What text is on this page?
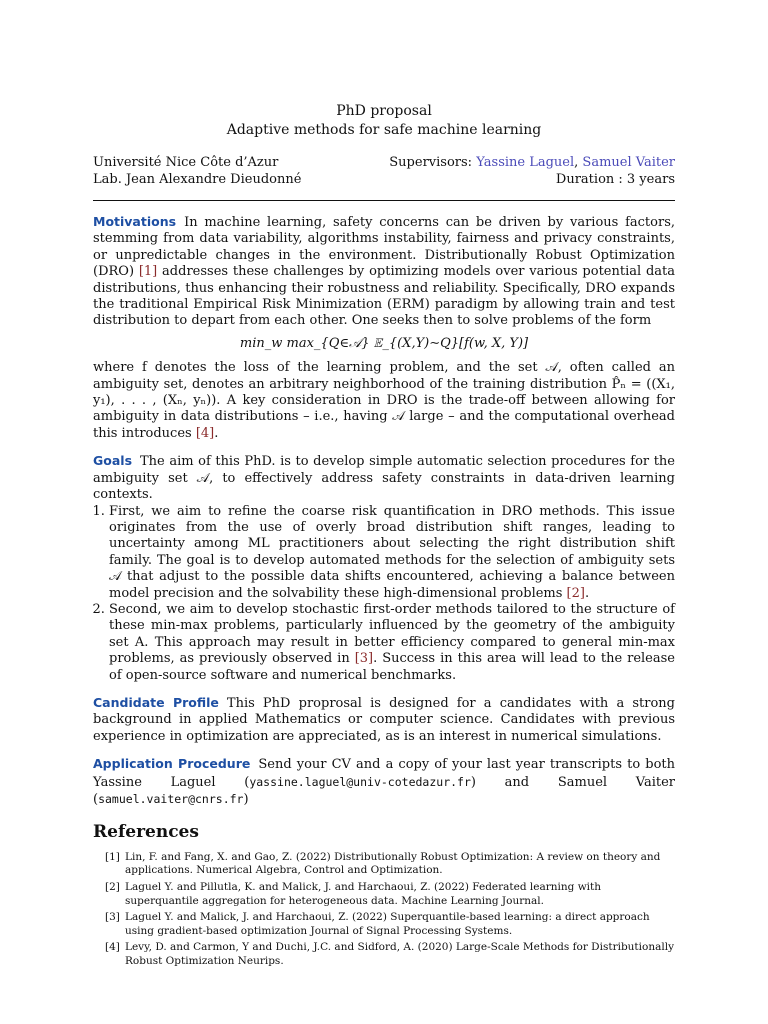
PhD proposal
Adaptive methods for safe machine learning
Université Nice Côte d’Azur	Supervisors: Yassine Laguel, Samuel Vaiter
Lab. Jean Alexandre Dieudonné	Duration : 3 years
Motivations In machine learning, safety concerns can be driven by various factors, stemming from data variability, algorithms instability, fairness and privacy constraints, or unpredictable changes in the environment. Distributionally Robust Optimization (DRO) [1] addresses these challenges by optimizing models over various potential data distributions, thus enhancing their robustness and reliability. Specifically, DRO expands the traditional Empirical Risk Minimization (ERM) paradigm by allowing train and test distribution to depart from each other. One seeks then to solve problems of the form
min_w max_{Q∈𝒜} 𝔼_{(X,Y)∼Q}[f(w, X, Y)]
where f denotes the loss of the learning problem, and the set 𝒜, often called an ambiguity set, denotes an arbitrary neighborhood of the training distribution P̂ₙ = ((X₁, y₁), . . . , (Xₙ, yₙ)). A key consideration in DRO is the trade-off between allowing for ambiguity in data distributions – i.e., having 𝒜 large – and the computational overhead this introduces [4].
Goals The aim of this PhD. is to develop simple automatic selection procedures for the ambiguity set 𝒜, to effectively address safety constraints in data-driven learning contexts.
1. First, we aim to refine the coarse risk quantification in DRO methods. This issue originates from the use of overly broad distribution shift ranges, leading to uncertainty among ML practitioners about selecting the right distribution shift family. The goal is to develop automated methods for the selection of ambiguity sets 𝒜 that adjust to the possible data shifts encountered, achieving a balance between model precision and the solvability these high-dimensional problems [2].
2. Second, we aim to develop stochastic first-order methods tailored to the structure of these min-max problems, particularly influenced by the geometry of the ambiguity set A. This approach may result in better efficiency compared to general min-max problems, as previously observed in [3]. Success in this area will lead to the release of open-source software and numerical benchmarks.
Candidate Profile This PhD proprosal is designed for a candidates with a strong background in applied Mathematics or computer science. Candidates with previous experience in optimization are appreciated, as is an interest in numerical simulations.
Application Procedure Send your CV and a copy of your last year transcripts to both Yassine Laguel (yassine.laguel@univ-cotedazur.fr) and Samuel Vaiter (samuel.vaiter@cnrs.fr)
References
[1] Lin, F. and Fang, X. and Gao, Z. (2022) Distributionally Robust Optimization: A review on theory and applications. Numerical Algebra, Control and Optimization.
[2] Laguel Y. and Pillutla, K. and Malick, J. and Harchaoui, Z. (2022) Federated learning with superquantile aggregation for heterogeneous data. Machine Learning Journal.
[3] Laguel Y. and Malick, J. and Harchaoui, Z. (2022) Superquantile-based learning: a direct approach using gradient-based optimization Journal of Signal Processing Systems.
[4] Levy, D. and Carmon, Y and Duchi, J.C. and Sidford, A. (2020) Large-Scale Methods for Distributionally Robust Optimization Neurips.
